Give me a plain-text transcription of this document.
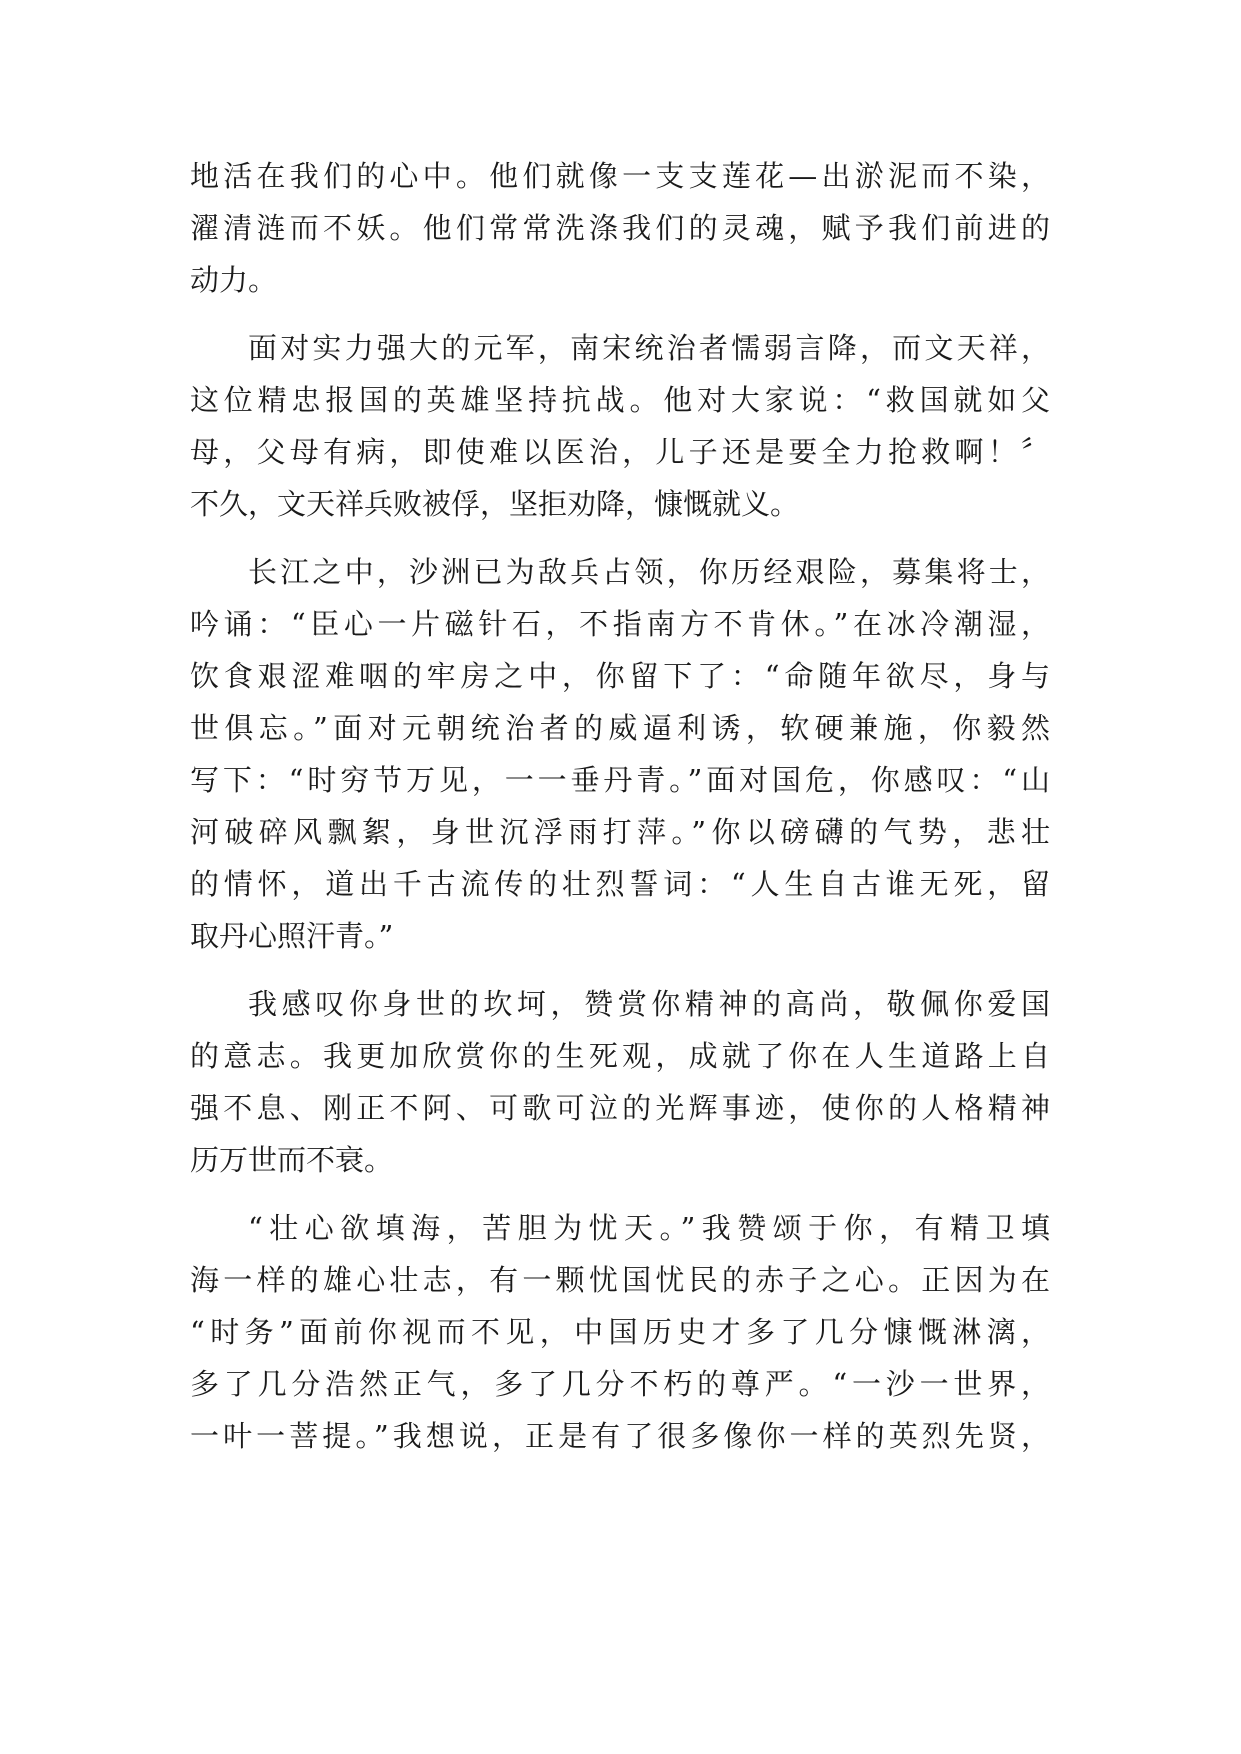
地活在我们的心中。他们就像一支支莲花—出淤泥而不染，
濯清涟而不妖。他们常常洗涤我们的灵魂，赋予我们前进的
动力。
面对实力强大的元军，南宋统治者懦弱言降，而文天祥，
这位精忠报国的英雄坚持抗战。他对大家说：“救国就如父
母，父母有病，即使难以医治，儿子还是要全力抢救啊！〞
不久，文天祥兵败被俘，坚拒劝降，慷慨就义。
长江之中，沙洲已为敌兵占领，你历经艰险，募集将士，
吟诵：“臣心一片磁针石，不指南方不肯休。”在冰冷潮湿，
饮食艰涩难咽的牢房之中，你留下了：“命随年欲尽，身与
世俱忘。”面对元朝统治者的威逼利诱，软硬兼施，你毅然
写下：“时穷节万见，一一垂丹青。”面对国危，你感叹：“山
河破碎风飘絮，身世沉浮雨打萍。”你以磅礴的气势，悲壮
的情怀，道出千古流传的壮烈誓词：“人生自古谁无死，留
取丹心照汗青。”
我感叹你身世的坎坷，赞赏你精神的高尚，敬佩你爱国
的意志。我更加欣赏你的生死观，成就了你在人生道路上自
强不息、刚正不阿、可歌可泣的光辉事迹，使你的人格精神
历万世而不衰。
“壮心欲填海，苦胆为忧天。”我赞颂于你，有精卫填
海一样的雄心壮志，有一颗忧国忧民的赤子之心。正因为在
“时务”面前你视而不见，中国历史才多了几分慷慨淋漓，
多了几分浩然正气，多了几分不朽的尊严。“一沙一世界，
一叶一菩提。”我想说，正是有了很多像你一样的英烈先贤，
